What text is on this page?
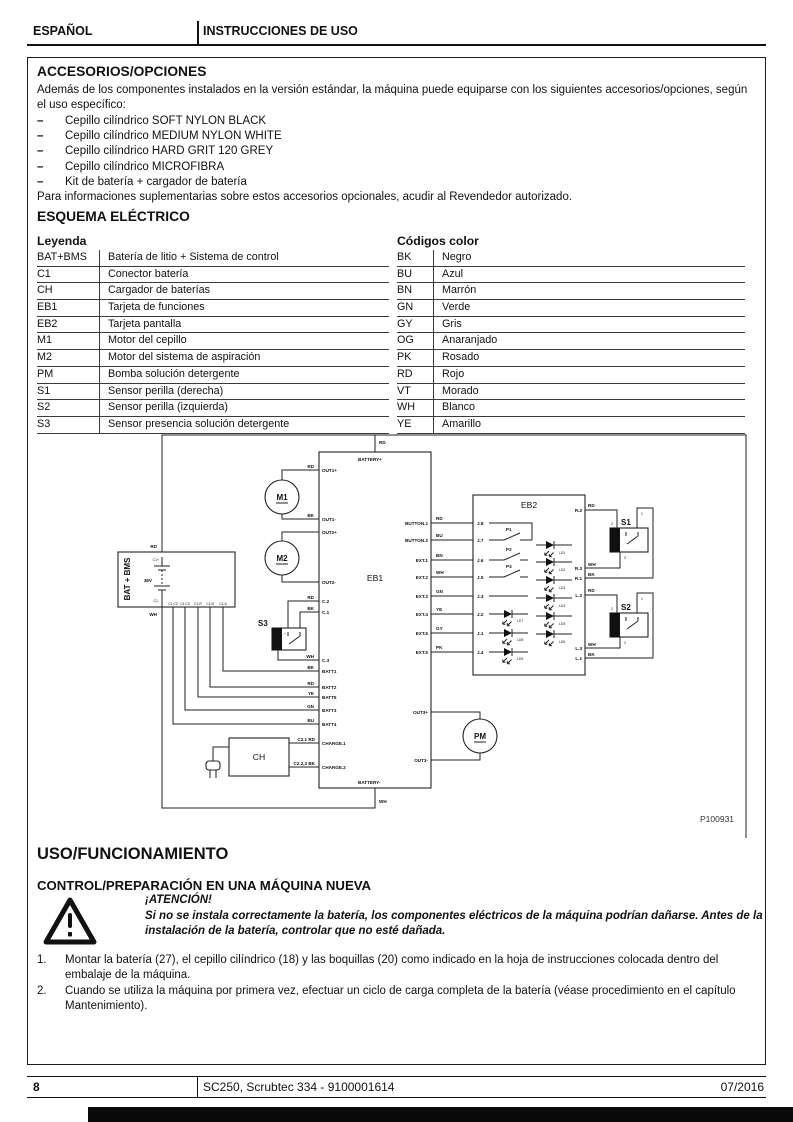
ESPAÑOL	INSTRUCCIONES DE USO
ACCESORIOS/OPCIONES
Además de los componentes instalados en la versión estándar, la máquina puede equiparse con los siguientes accesorios/opciones, según el uso específico:
–	Cepillo cilíndrico SOFT NYLON BLACK
–	Cepillo cilíndrico MEDIUM NYLON WHITE
–	Cepillo cilíndrico HARD GRIT 120 GREY
–	Cepillo cilíndrico MICROFIBRA
–	Kit de batería + cargador de batería
Para informaciones suplementarias sobre estos accesorios opcionales, acudir al Revendedor autorizado.
ESQUEMA ELÉCTRICO
Leyenda
BAT+BMS	Batería de litio + Sistema de control
C1	Conector batería
CH	Cargador de baterías
EB1	Tarjeta de funciones
EB2	Tarjeta pantalla
M1	Motor del cepillo
M2	Motor del sistema de aspiración
PM	Bomba solución detergente
S1	Sensor perilla (derecha)
S2	Sensor perilla (izquierda)
S3	Sensor presencia solución detergente
Códigos color
BK	Negro
BU	Azul
BN	Marrón
GN	Verde
GY	Gris
OG	Anaranjado
PK	Rosado
RD	Rojo
VT	Morado
WH	Blanco
YE	Amarillo
RD
EB1
BATTERY+
BATTERY-
M1
RD
BK
M2
BAT + BMS	36V
C1+
C1-
RD
WH
C1.C2 C1.C3 C1.R C1.B C1.A
BK
RD
YE
GN
BU
WH
S3
+	-
RD
BK
WH
CH
C2.1 RD
C2.2,3 BK
OUT1+
OUT1-
OUT2+
OUT2-
C.2
C.1
C.3
BATT1
BATT2
BATT5
BATT3
BATT4
CHARGE.1
CHARGE.2
BUTTON.1
BUTTON.2
EXT.1
EXT.2
EXT.3
EXT.4
EXT.6
EXT.5
RD
BU
BN
WH
GN
YE
GY
PK
PM
OUT3+
OUT3-
EB2
J.8
J.7
J.6
J.5
J.3
J.2
J.1
J.4
P1
P2
P3
LD7
LD8
LD9
LD1
LD2
LD3
LD4
LD5
LD6
R.2
R.3
R.1
L.2
L.3
L.1
S1
2
1
3
RD
WH
BK
S2
2
1
3
RD
WH
BK
P100931
USO/FUNCIONAMIENTO
CONTROL/PREPARACIÓN EN UNA MÁQUINA NUEVA
¡ATENCIÓN!
Si no se instala correctamente la batería, los componentes eléctricos de la máquina podrían dañarse. Antes de la instalación de la batería, controlar que no esté dañada.
1.	Montar la batería (27), el cepillo cilíndrico (18) y las boquillas (20) como indicado en la hoja de instrucciones colocada dentro del embalaje de la máquina.
2.	Cuando se utiliza la máquina por primera vez, efectuar un ciclo de carga completa de la batería (véase procedimiento en el capítulo Mantenimiento).
8	SC250, Scrubtec 334 - 9100001614	07/2016
